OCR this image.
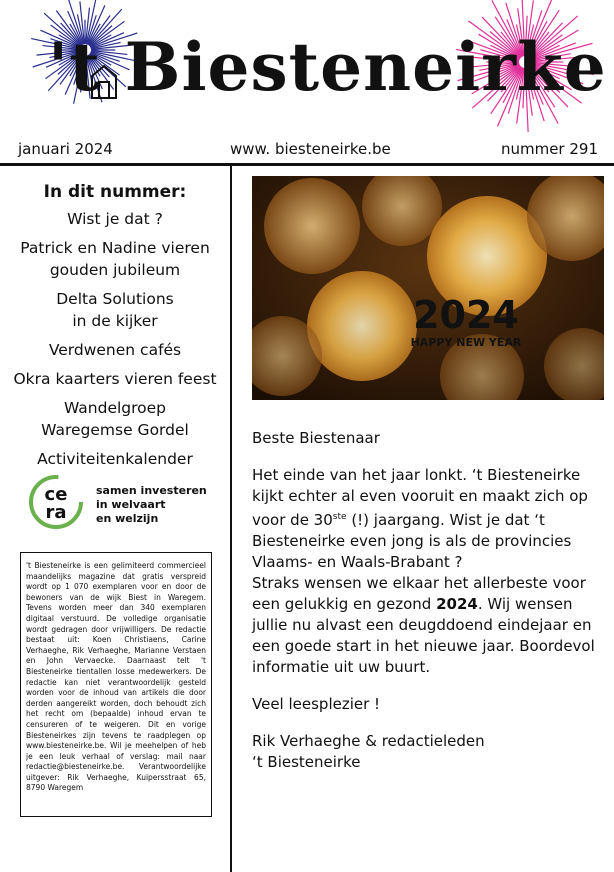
't Biesteneirke
januari 2024	www. biesteneirke.be	nummer 291
In dit nummer:
Wist je dat ?
Patrick en Nadine vieren
gouden jubileum
Delta Solutions
in de kijker
Verdwenen cafés
Okra kaarters vieren feest
Wandelgroep
Waregemse Gordel
Activiteitenkalender
ce
ra
samen investeren
in welvaart
en welzijn
't Biesteneirke is een gelimiteerd commercieel maandelijks magazine dat gratis verspreid wordt op 1 070 exemplaren voor en door de bewoners van de wijk Biest in Waregem. Tevens worden meer dan 340 exemplaren digitaal verstuurd. De volledige organisatie wordt gedragen door vrijwilligers. De redactie bestaat uit: Koen Christiaens, Carine Verhaeghe, Rik Verhaeghe, Marianne Verstaen en John Vervaecke. Daarnaast telt 't Biesteneirke tientallen losse medewerkers. De redactie kan niet verantwoordelijk gesteld worden voor de inhoud van artikels die door derden aangereikt worden, doch behoudt zich het recht om (bepaalde) inhoud ervan te censureren of te weigeren. Dit en vorige Biesteneirkes zijn tevens te raadplegen op www.biesteneirke.be. Wil je meehelpen of heb je een leuk verhaal of verslag: mail naar redactie@biesteneirke.be. Verantwoordelijke uitgever: Rik Verhaeghe, Kuipersstraat 65, 8790 Waregem
2024
HAPPY NEW YEAR

Beste Biestenaar

Het einde van het jaar lonkt. ‘t Biesteneirke kijkt echter al even vooruit en maakt zich op voor de 30ste (!) jaargang. Wist je dat ‘t Biesteneirke even jong is als de provincies Vlaams- en Waals-Brabant ?

Straks wensen we elkaar het allerbeste voor een gelukkig en gezond 2024. Wij wensen jullie nu alvast een deugddoend eindejaar en een goede start in het nieuwe jaar. Boordevol informatie uit uw buurt.

Veel leesplezier !

Rik Verhaeghe & redactieleden

‘t Biesteneirke
